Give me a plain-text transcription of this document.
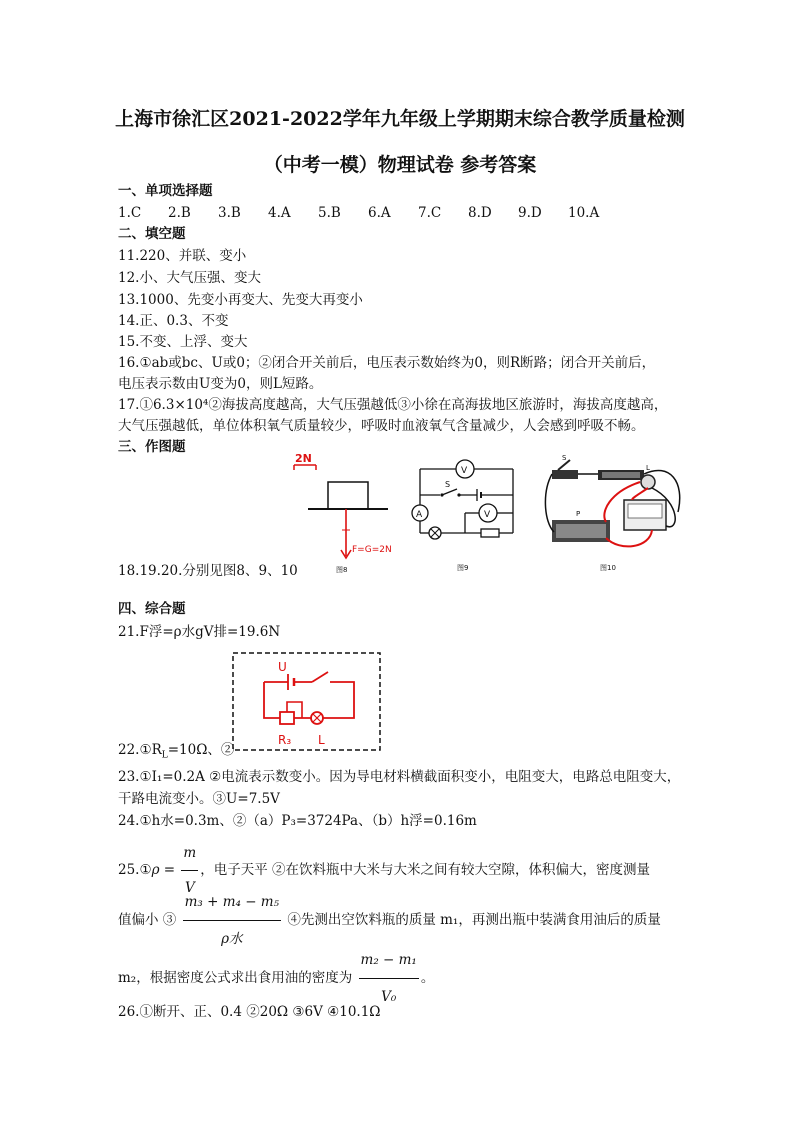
上海市徐汇区2021-2022学年九年级上学期期末综合教学质量检测
（中考一模）物理试卷 参考答案
一、单项选择题
1.C 2.B 3.B 4.A 5.B 6.A 7.C 8.D 9.D 10.A
二、填空题
11.220、并联、变小
12.小、大气压强、变大
13.1000、先变小再变大、先变大再变小
14.正、0.3、不变
15.不变、上浮、变大
16.①ab或bc、U或0；②闭合开关前后，电压表示数始终为0，则R断路；闭合开关前后，
电压表示数由U变为0，则L短路。
17.①6.3×10⁴②海拔高度越高，大气压强越低③小徐在高海拔地区旅游时，海拔高度越高，
大气压强越低，单位体积氧气质量较少，呼吸时血液氧气含量减少，人会感到呼吸不畅。
三、作图题
2N
F=G=2N
图8
V
S
A	V
图9
S
L
P
图10
18.19.20.分别见图8、9、10
四、综合题
21.F浮=ρ水gV排=19.6N
U
R₃ L
$22.①R_L=10\Omega$、②
23.①I₁=0.2A ②电流表示数变小。因为导电材料横截面积变小，电阻变大，电路总电阻变大，
干路电流变小。③U=7.5V
24.①h水=0.3m、②（a）P₃=3724Pa、（b）h浮=0.16m
25.①ρ = $\frac{m}{V}$ ，电子天平 ②在饮料瓶中大米与大米之间有较大空隙，体积偏大，密度测量
值偏小 ③ $\frac{\text{m₃ + m₄ − m₅}}{\text{ρ水}}$ ④先测出空饮料瓶的质量 m₁，再测出瓶中装满食用油后的质量
m₂，根据密度公式求出食用油的密度为 $\frac{\text{m₂ − m₁}}{\text{V₀}}$ 。
26.①断开、正、0.4 ②20Ω ③6V ④10.1Ω
